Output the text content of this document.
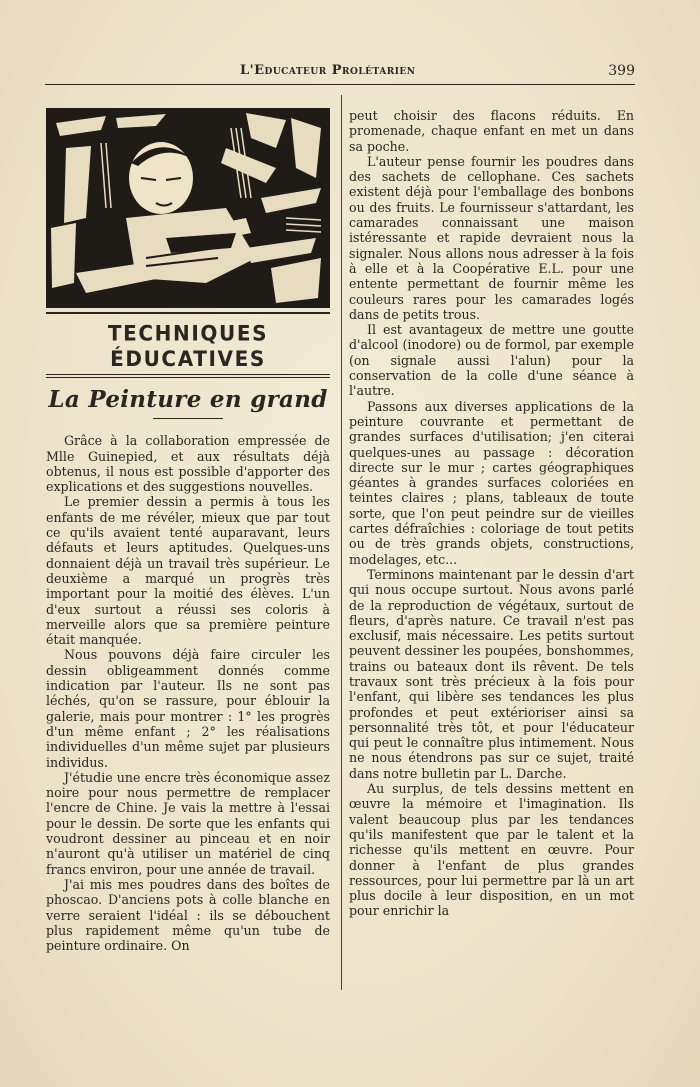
L'Educateur Prolétarien	399
TECHNIQUES ÉDUCATIVES
La Peinture en grand

Grâce à la collaboration empressée de Mlle Guinepied, et aux résultats déjà obtenus, il nous est possible d'apporter des explications et des suggestions nouvelles.

Le premier dessin a permis à tous les enfants de me révéler, mieux que par tout ce qu'ils avaient tenté auparavant, leurs défauts et leurs aptitudes. Quelques-uns donnaient déjà un travail très supérieur. Le deuxième a marqué un progrès très important pour la moitié des élèves. L'un d'eux surtout a réussi ses coloris à merveille alors que sa première peinture était manquée.

Nous pouvons déjà faire circuler les dessin obligeamment donnés comme indication par l'auteur. Ils ne sont pas léchés, qu'on se rassure, pour éblouir la galerie, mais pour montrer : 1° les progrès d'un même enfant ; 2° les réalisations individuelles d'un même sujet par plusieurs individus.

J'étudie une encre très économique assez noire pour nous permettre de remplacer l'encre de Chine. Je vais la mettre à l'essai pour le dessin. De sorte que les enfants qui voudront dessiner au pinceau et en noir n'auront qu'à utiliser un matériel de cinq francs environ, pour une année de travail.

J'ai mis mes poudres dans des boîtes de phoscao. D'anciens pots à colle blanche en verre seraient l'idéal : ils se débouchent plus rapidement même qu'un tube de peinture ordinaire. On

peut choisir des flacons réduits. En promenade, chaque enfant en met un dans sa poche.

L'auteur pense fournir les poudres dans des sachets de cellophane. Ces sachets existent déjà pour l'emballage des bonbons ou des fruits. Le fournisseur s'attardant, les camarades connaissant une maison istéressante et rapide devraient nous la signaler. Nous allons nous adresser à la fois à elle et à la Coopérative E.L. pour une entente permettant de fournir même les couleurs rares pour les camarades logés dans de petits trous.

Il est avantageux de mettre une goutte d'alcool (inodore) ou de formol, par exemple (on signale aussi l'alun) pour la conservation de la colle d'une séance à l'autre.

Passons aux diverses applications de la peinture couvrante et permettant de grandes surfaces d'utilisation; j'en citerai quelques-unes au passage : décoration directe sur le mur ; cartes géographiques géantes à grandes surfaces coloriées en teintes claires ; plans, tableaux de toute sorte, que l'on peut peindre sur de vieilles cartes défraîchies : coloriage de tout petits ou de très grands objets, constructions, modelages, etc...

Terminons maintenant par le dessin d'art qui nous occupe surtout. Nous avons parlé de la reproduction de végétaux, surtout de fleurs, d'après nature. Ce travail n'est pas exclusif, mais nécessaire. Les petits surtout peuvent dessiner les poupées, bonshommes, trains ou bateaux dont ils rêvent. De tels travaux sont très précieux à la fois pour l'enfant, qui libère ses tendances les plus profondes et peut extérioriser ainsi sa personnalité très tôt, et pour l'éducateur qui peut le connaître plus intimement. Nous ne nous étendrons pas sur ce sujet, traité dans notre bulletin par L. Darche.

Au surplus, de tels dessins mettent en œuvre la mémoire et l'imagination. Ils valent beaucoup plus par les tendances qu'ils manifestent que par le talent et la richesse qu'ils mettent en œuvre. Pour donner à l'enfant de plus grandes ressources, pour lui permettre par là un art plus docile à leur disposition, en un mot pour enrichir la
